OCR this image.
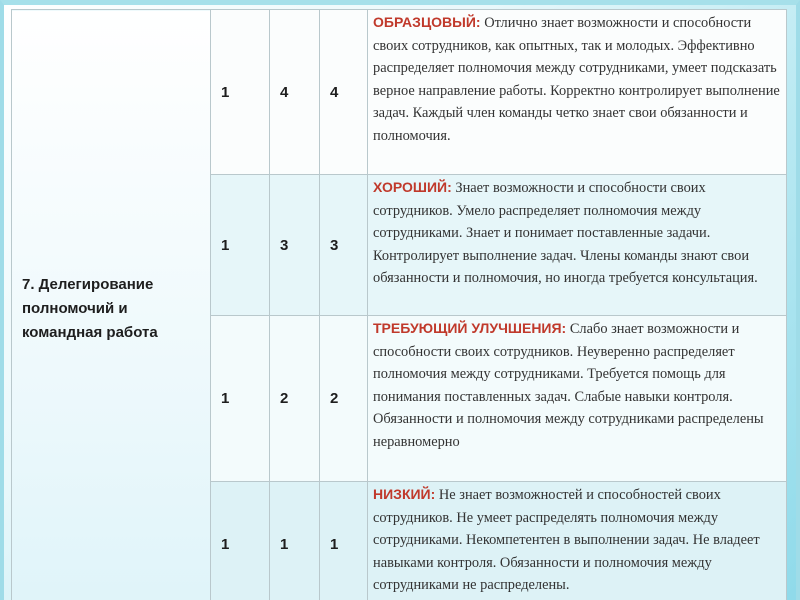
7. Делегирование полномочий и командная работа	1	4	4	ОБРАЗЦОВЫЙ: Отлично знает возможности и способности своих сотрудников, как опытных, так и молодых. Эффективно распределяет полномочия между сотрудниками, умеет подсказать верное направление работы. Корректно контролирует выполнение задач. Каждый член команды четко знает свои обязанности и полномочия.
	1	3	3	ХОРОШИЙ: Знает возможности и способности своих сотрудников. Умело распределяет полномочия между сотрудниками. Знает и понимает поставленные задачи. Контролирует выполнение задач. Члены команды знают свои обязанности и полномочия, но иногда требуется консультация.
	1	2	2	ТРЕБУЮЩИЙ УЛУЧШЕНИЯ: Слабо знает возможности и способности своих сотрудников. Неуверенно распределяет полномочия между сотрудниками. Требуется помощь для понимания поставленных задач. Слабые навыки контроля. Обязанности и полномочия между сотрудниками распределены неравномерно
	1	1	1	НИЗКИЙ: Не знает возможностей и способностей своих сотрудников. Не умеет распределять полномочия между сотрудниками. Некомпетентен в выполнении задач. Не владеет навыками контроля. Обязанности и полномочия между сотрудниками не распределены.
